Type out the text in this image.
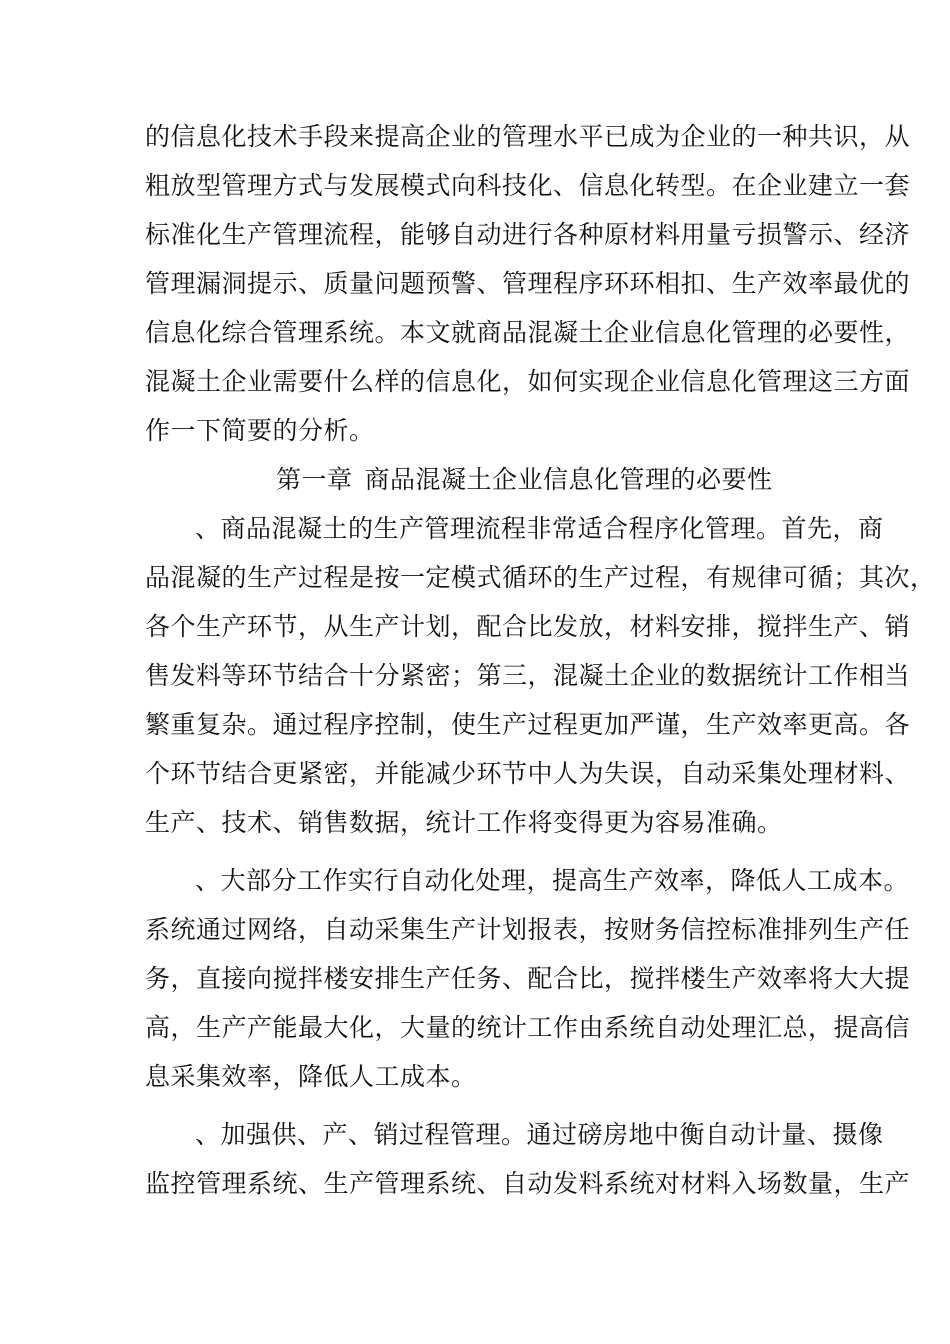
的信息化技术手段来提高企业的管理水平已成为企业的一种共识，从
粗放型管理方式与发展模式向科技化、信息化转型。在企业建立一套
标准化生产管理流程，能够自动进行各种原材料用量亏损警示、经济
管理漏洞提示、质量问题预警、管理程序环环相扣、生产效率最优的
信息化综合管理系统。本文就商品混凝土企业信息化管理的必要性，
混凝土企业需要什么样的信息化，如何实现企业信息化管理这三方面
作一下简要的分析。
第一章 商品混凝土企业信息化管理的必要性
、商品混凝土的生产管理流程非常适合程序化管理。首先，商
品混凝的生产过程是按一定模式循环的生产过程，有规律可循；其次，
各个生产环节，从生产计划，配合比发放，材料安排，搅拌生产、销
售发料等环节结合十分紧密；第三，混凝土企业的数据统计工作相当
繁重复杂。通过程序控制，使生产过程更加严谨，生产效率更高。各
个环节结合更紧密，并能减少环节中人为失误，自动采集处理材料、
生产、技术、销售数据，统计工作将变得更为容易准确。
、大部分工作实行自动化处理，提高生产效率，降低人工成本。
系统通过网络，自动采集生产计划报表，按财务信控标准排列生产任
务，直接向搅拌楼安排生产任务、配合比，搅拌楼生产效率将大大提
高，生产产能最大化，大量的统计工作由系统自动处理汇总，提高信
息采集效率，降低人工成本。
、加强供、产、销过程管理。通过磅房地中衡自动计量、摄像
监控管理系统、生产管理系统、自动发料系统对材料入场数量，生产
